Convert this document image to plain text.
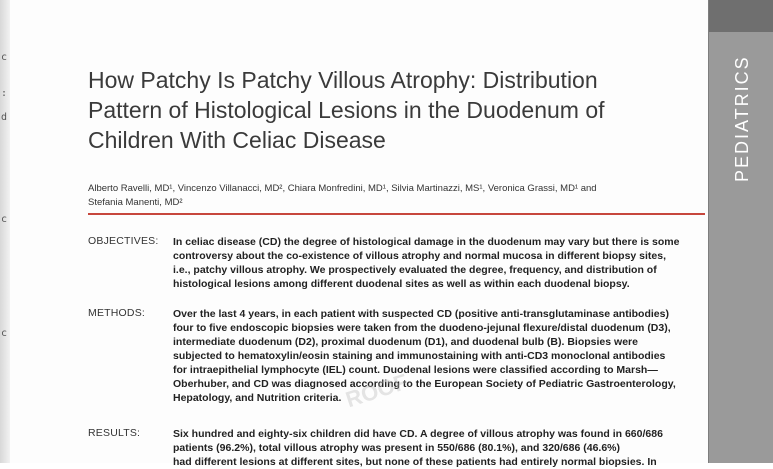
c
:
d
c
c
PEDIATRICS
How Patchy Is Patchy Villous Atrophy: Distribution
Pattern of Histological Lesions in the Duodenum of
Children With Celiac Disease
Alberto Ravelli, MD¹, Vincenzo Villanacci, MD², Chiara Monfredini, MD¹, Silvia Martinazzi, MS¹, Veronica Grassi, MD¹ and
Stefania Manenti, MD²
OBJECTIVES: In celiac disease (CD) the degree of histological damage in the duodenum may vary but there is some
controversy about the co-existence of villous atrophy and normal mucosa in different biopsy sites,
i.e., patchy villous atrophy. We prospectively evaluated the degree, frequency, and distribution of
histological lesions among different duodenal sites as well as within each duodenal biopsy.
METHODS:	Over the last 4 years, in each patient with suspected CD (positive anti-transglutaminase antibodies)
four to five endoscopic biopsies were taken from the duodeno-jejunal flexure/distal duodenum (D3),
intermediate duodenum (D2), proximal duodenum (D1), and duodenal bulb (B). Biopsies were
subjected to hematoxylin/eosin staining and immunostaining with anti-CD3 monoclonal antibodies
for intraepithelial lymphocyte (IEL) count. Duodenal lesions were classified according to Marsh—
Oberhuber, and CD was diagnosed according to the European Society of Pediatric Gastroenterology,
Hepatology, and Nutrition criteria.
RESULTS:	Six hundred and eighty-six children did have CD. A degree of villous atrophy was found in 660/686
patients (96.2%), total villous atrophy was present in 550/686 (80.1%), and 320/686 (46.6%)
had different lesions at different sites, but none of these patients had entirely normal biopsies. In
ROOF
